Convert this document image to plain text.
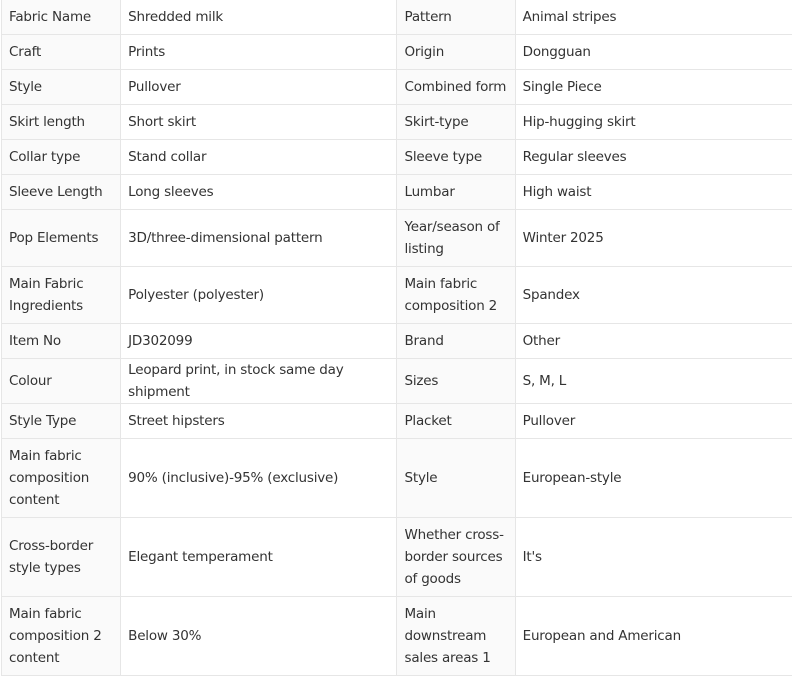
Fabric Name	Shredded milk	Pattern	Animal stripes
Craft	Prints	Origin	Dongguan
Style	Pullover	Combined form	Single Piece
Skirt length	Short skirt	Skirt-type	Hip-hugging skirt
Collar type	Stand collar	Sleeve type	Regular sleeves
Sleeve Length	Long sleeves	Lumbar	High waist
Pop Elements	3D/three-dimensional pattern	Year/season of listing	Winter 2025
Main Fabric Ingredients	Polyester (polyester)	Main fabric composition 2	Spandex
Item No	JD302099	Brand	Other
Colour	Leopard print, in stock same day shipment	Sizes	S, M, L
Style Type	Street hipsters	Placket	Pullover
Main fabric composition content	90% (inclusive)-95% (exclusive)	Style	European-style
Cross-border style types	Elegant temperament	Whether cross-border sources of goods	It's
Main fabric composition 2 content	Below 30%	Main downstream sales areas 1	European and American
